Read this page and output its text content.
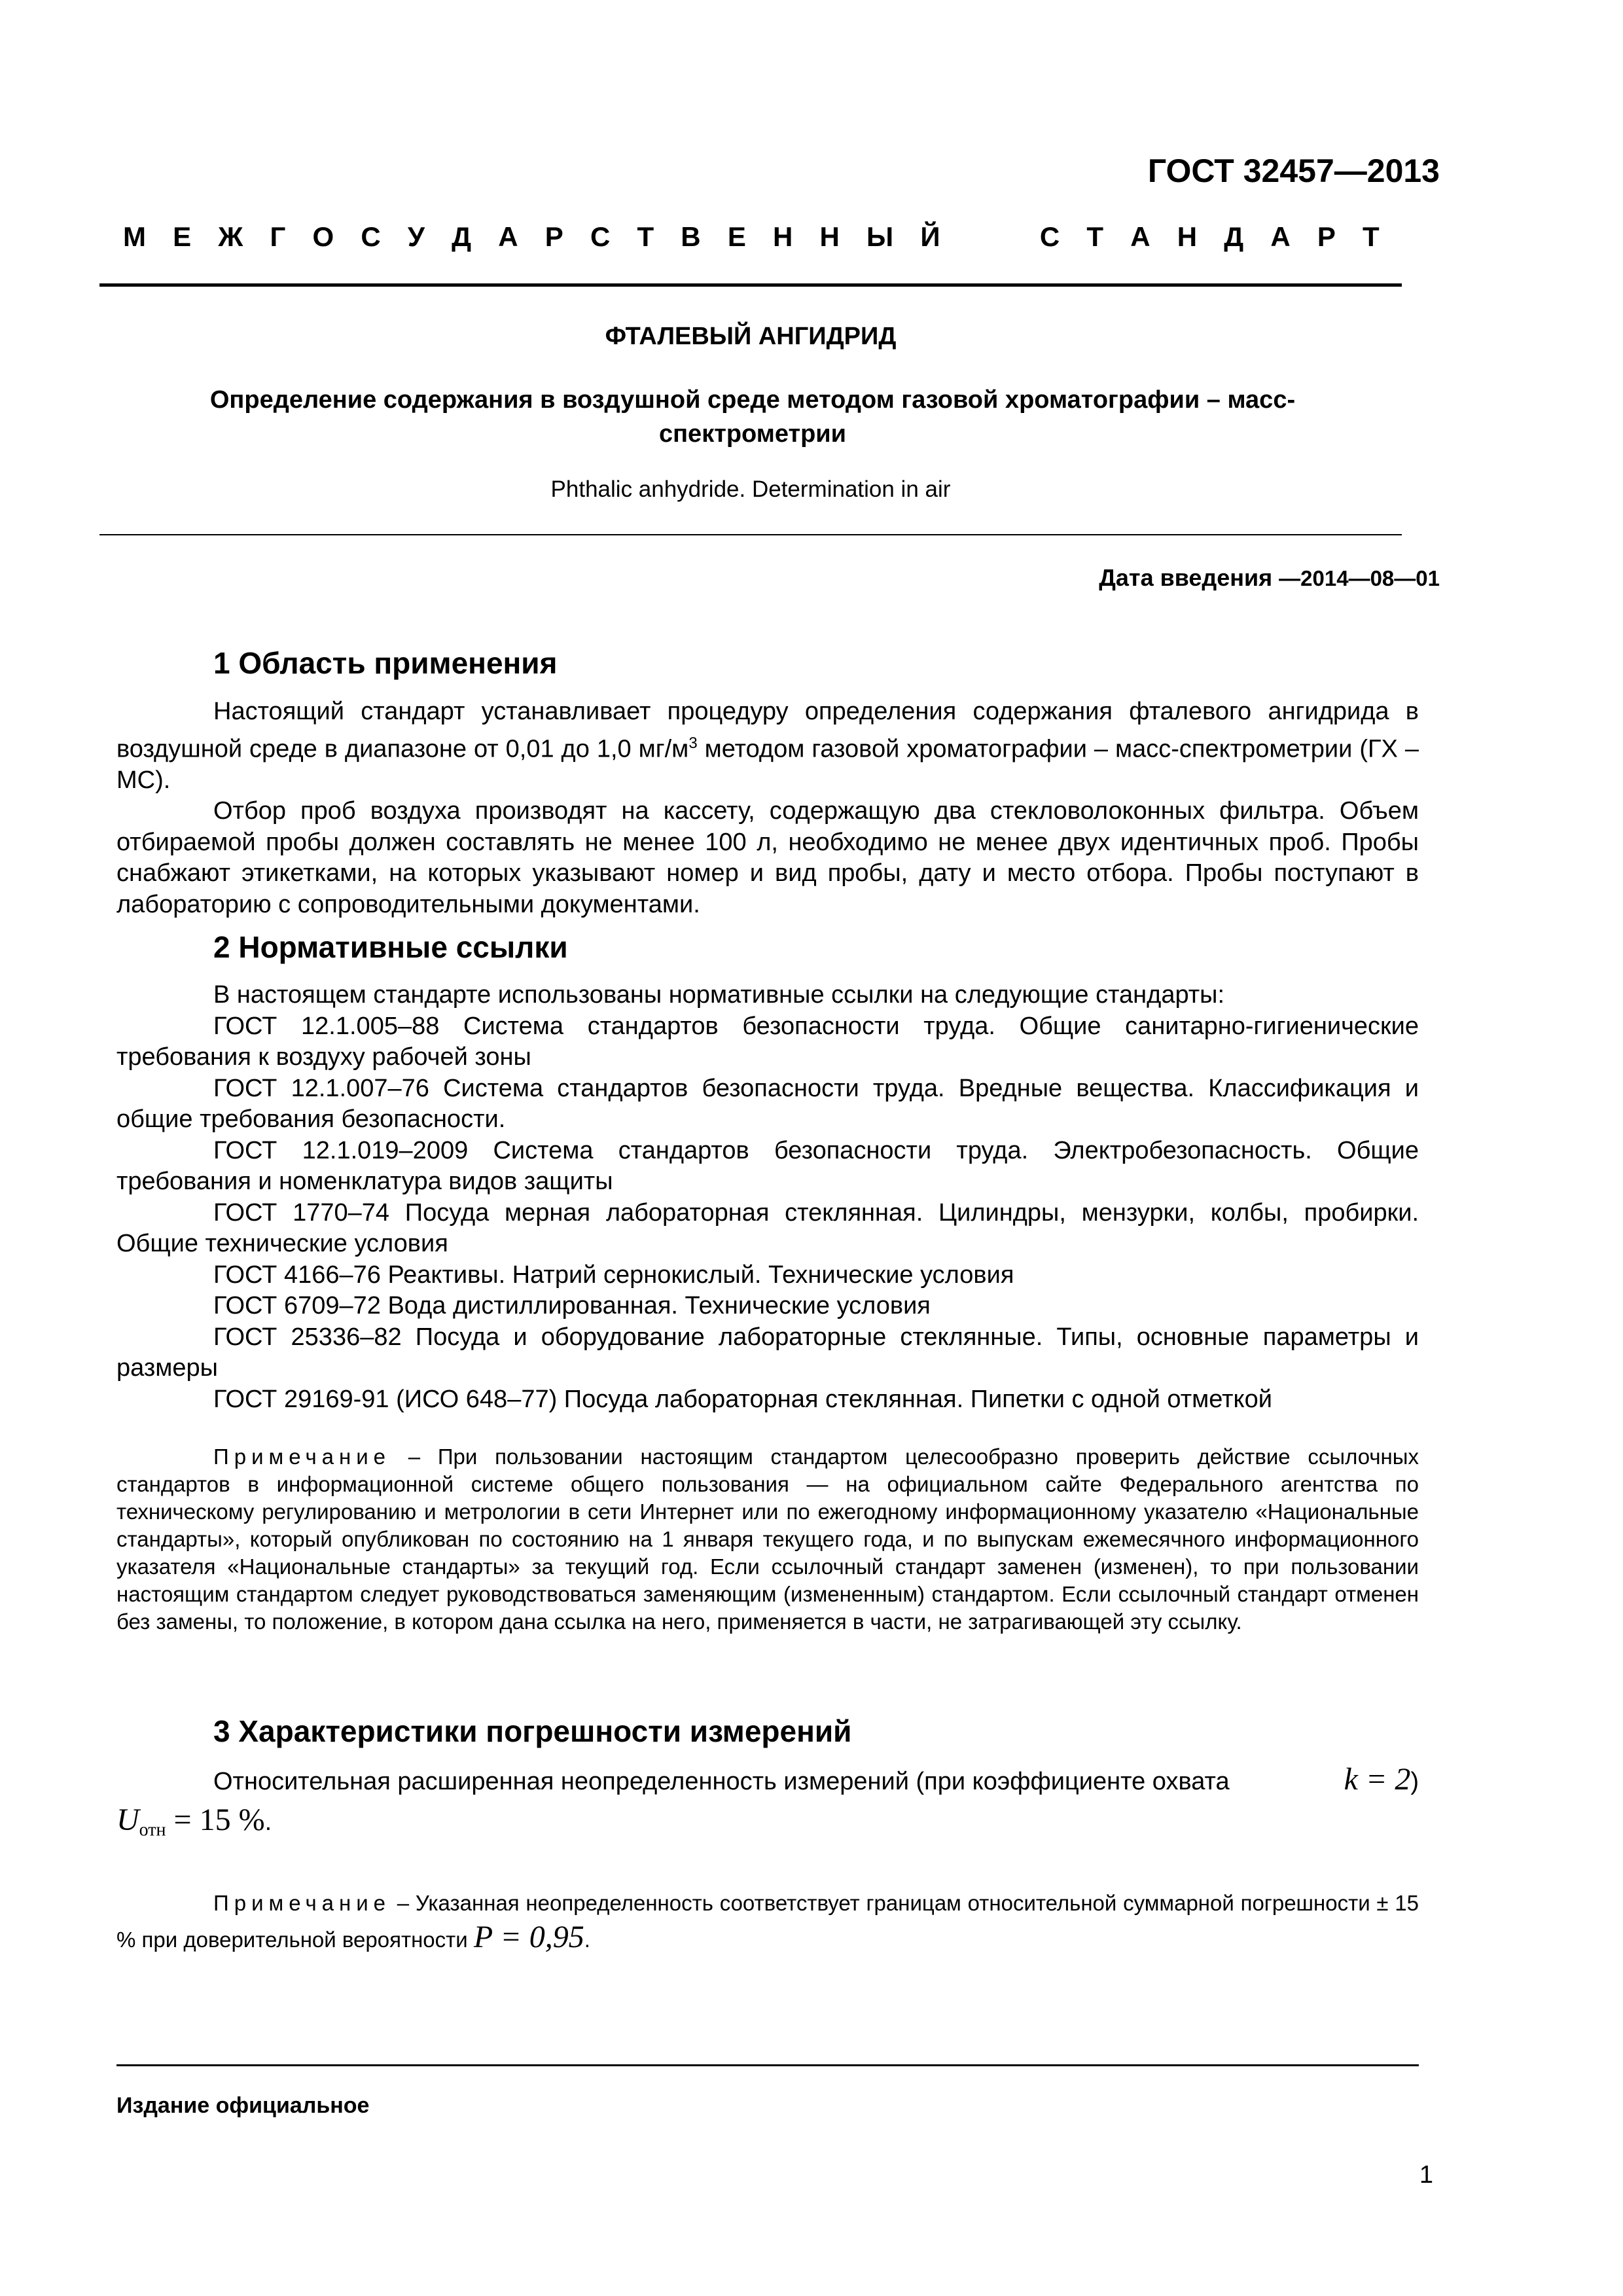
ГОСТ 32457—2013
М Е Ж Г О С У Д А Р С Т В Е Н Н Ы Й	С Т А Н Д А Р Т
ФТАЛЕВЫЙ АНГИДРИД
Определение содержания в воздушной среде методом газовой хроматографии – масс-спектрометрии
Phthalic anhydride. Determination in air
Дата введения —2014—08—01
1 Область применения

Настоящий стандарт устанавливает процедуру определения содержания фталевого ангидрида в воздушной среде в диапазоне от 0,01 до 1,0 $мг/м^3$ методом газовой хроматографии – масс-спектрометрии (ГХ – МС).

Отбор проб воздуха производят на кассету, содержащую два стекловолоконных фильтра. Объем отбираемой пробы должен составлять не менее 100 л, необходимо не менее двух идентичных проб. Пробы снабжают этикетками, на которых указывают номер и вид пробы, дату и место отбора. Пробы поступают в лабораторию с сопроводительными документами.

2 Нормативные ссылки

В настоящем стандарте использованы нормативные ссылки на следующие стандарты:

ГОСТ 12.1.005–88 Система стандартов безопасности труда. Общие санитарно-гигиенические требования к воздуху рабочей зоны

ГОСТ 12.1.007–76 Система стандартов безопасности труда. Вредные вещества. Классификация и общие требования безопасности.

ГОСТ 12.1.019–2009 Система стандартов безопасности труда. Электробезопасность. Общие требования и номенклатура видов защиты

ГОСТ 1770–74 Посуда мерная лабораторная стеклянная. Цилиндры, мензурки, колбы, пробирки. Общие технические условия

ГОСТ 4166–76 Реактивы. Натрий сернокислый. Технические условия

ГОСТ 6709–72 Вода дистиллированная. Технические условия

ГОСТ 25336–82 Посуда и оборудование лабораторные стеклянные. Типы, основные параметры и размеры

ГОСТ 29169-91 (ИСО 648–77) Посуда лабораторная стеклянная. Пипетки с одной отметкой

Примечание – При пользовании настоящим стандартом целесообразно проверить действие ссылочных стандартов в информационной системе общего пользования — на официальном сайте Федерального агентства по техническому регулированию и метрологии в сети Интернет или по ежегодному информационному указателю «Национальные стандарты», который опубликован по состоянию на 1 января текущего года, и по выпускам ежемесячного информационного указателя «Национальные стандарты» за текущий год. Если ссылочный стандарт заменен (изменен), то при пользовании настоящим стандартом следует руководствоваться заменяющим (измененным) стандартом. Если ссылочный стандарт отменен без замены, то положение, в котором дана ссылка на него, применяется в части, не затрагивающей эту ссылку.

3 Характеристики погрешности измерений

Относительная расширенная неопределенность измерений (при коэффициенте охвата	k = 2)

$U_{отн} = 15$ %.

Примечание – Указанная неопределенность соответствует границам относительной суммарной погрешности ± 15 % при доверительной вероятности P = 0,95.

Издание официальное
1
